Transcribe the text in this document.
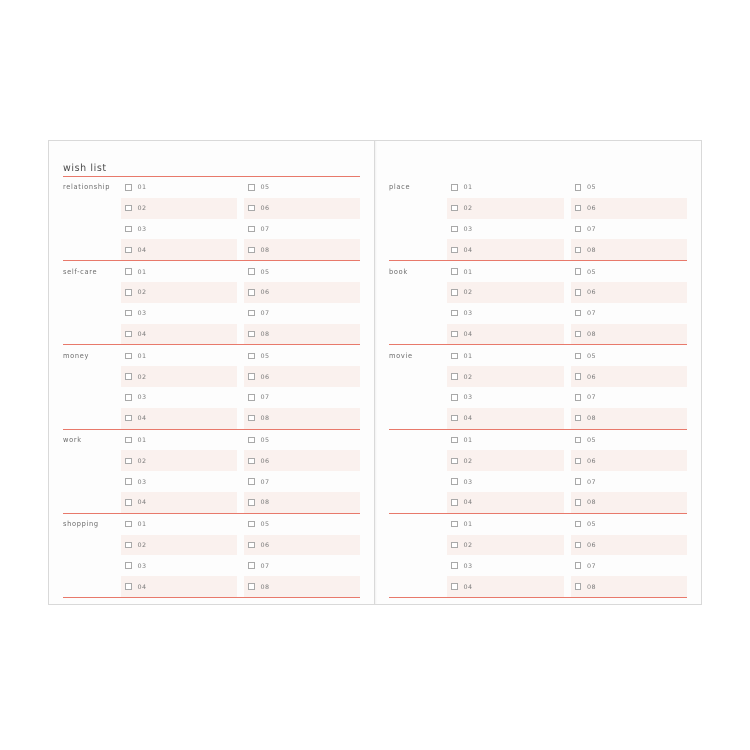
wish list
relationship	01	05
02	06
03	07
04	08
self-care	01	05
02	06
03	07
04	08
money	01	05
02	06
03	07
04	08
work	01	05
02	06
03	07
04	08
shopping	01	05
02	06
03	07
04	08
place	01	05
02	06
03	07
04	08
book	01	05
02	06
03	07
04	08
movie	01	05
02	06
03	07
04	08
01	05
02	06
03	07
04	08
01	05
02	06
03	07
04	08
